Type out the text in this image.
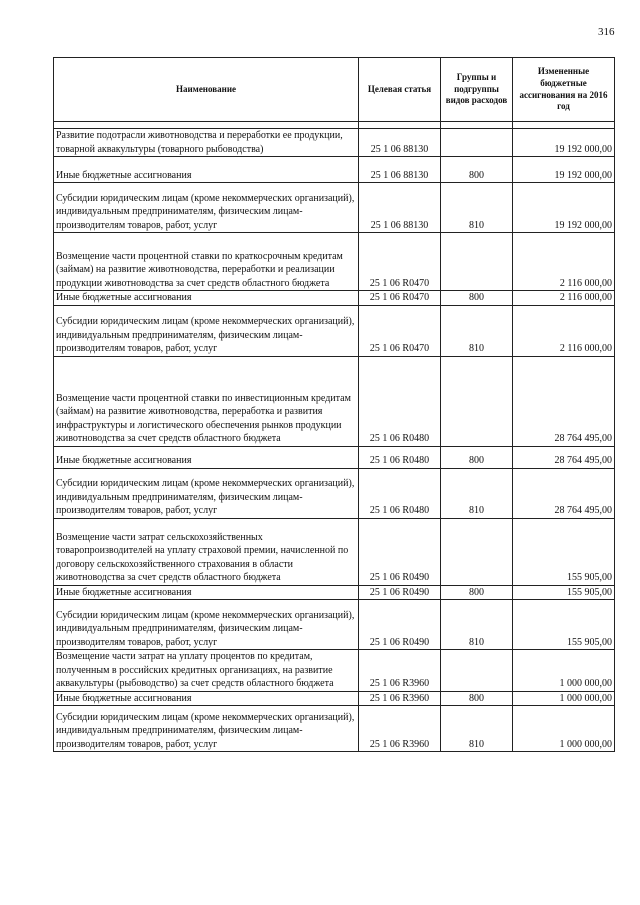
316
Наименование	Целевая статья	Группы и подгруппы видов расходов	Измененные бюджетные ассигнования на 2016 год

Развитие подотрасли животноводства и переработки ее продукции, товарной аквакультуры (товарного рыбоводства)	25 1 06 88130		19 192 000,00
Иные бюджетные ассигнования	25 1 06 88130	800	19 192 000,00
Субсидии юридическим лицам (кроме некоммерческих организаций), индивидуальным предпринимателям, физическим лицам-производителям товаров, работ, услуг	25 1 06 88130	810	19 192 000,00
Возмещение части процентной ставки по краткосрочным кредитам (займам) на развитие животноводства, переработки и реализации продукции животноводства за счет средств областного бюджета	25 1 06 R0470		2 116 000,00
Иные бюджетные ассигнования	25 1 06 R0470	800	2 116 000,00
Субсидии юридическим лицам (кроме некоммерческих организаций), индивидуальным предпринимателям, физическим лицам-производителям товаров, работ, услуг	25 1 06 R0470	810	2 116 000,00
Возмещение части процентной ставки по инвестиционным кредитам (займам) на развитие животноводства, переработка и развития инфраструктуры и логистического обеспечения рынков продукции животноводства за счет средств областного бюджета	25 1 06 R0480		28 764 495,00
Иные бюджетные ассигнования	25 1 06 R0480	800	28 764 495,00
Субсидии юридическим лицам (кроме некоммерческих организаций), индивидуальным предпринимателям, физическим лицам-производителям товаров, работ, услуг	25 1 06 R0480	810	28 764 495,00
Возмещение части затрат сельскохозяйственных товаропроизводителей на уплату страховой премии, начисленной по договору сельскохозяйственного страхования в области животноводства за счет средств областного бюджета	25 1 06 R0490		155 905,00
Иные бюджетные ассигнования	25 1 06 R0490	800	155 905,00
Субсидии юридическим лицам (кроме некоммерческих организаций), индивидуальным предпринимателям, физическим лицам-производителям товаров, работ, услуг	25 1 06 R0490	810	155 905,00
Возмещение части затрат на уплату процентов по кредитам, полученным в российских кредитных организациях, на развитие аквакультуры (рыбоводство) за счет средств областного бюджета	25 1 06 R3960		1 000 000,00
Иные бюджетные ассигнования	25 1 06 R3960	800	1 000 000,00
Субсидии юридическим лицам (кроме некоммерческих организаций), индивидуальным предпринимателям, физическим лицам-производителям товаров, работ, услуг	25 1 06 R3960	810	1 000 000,00
